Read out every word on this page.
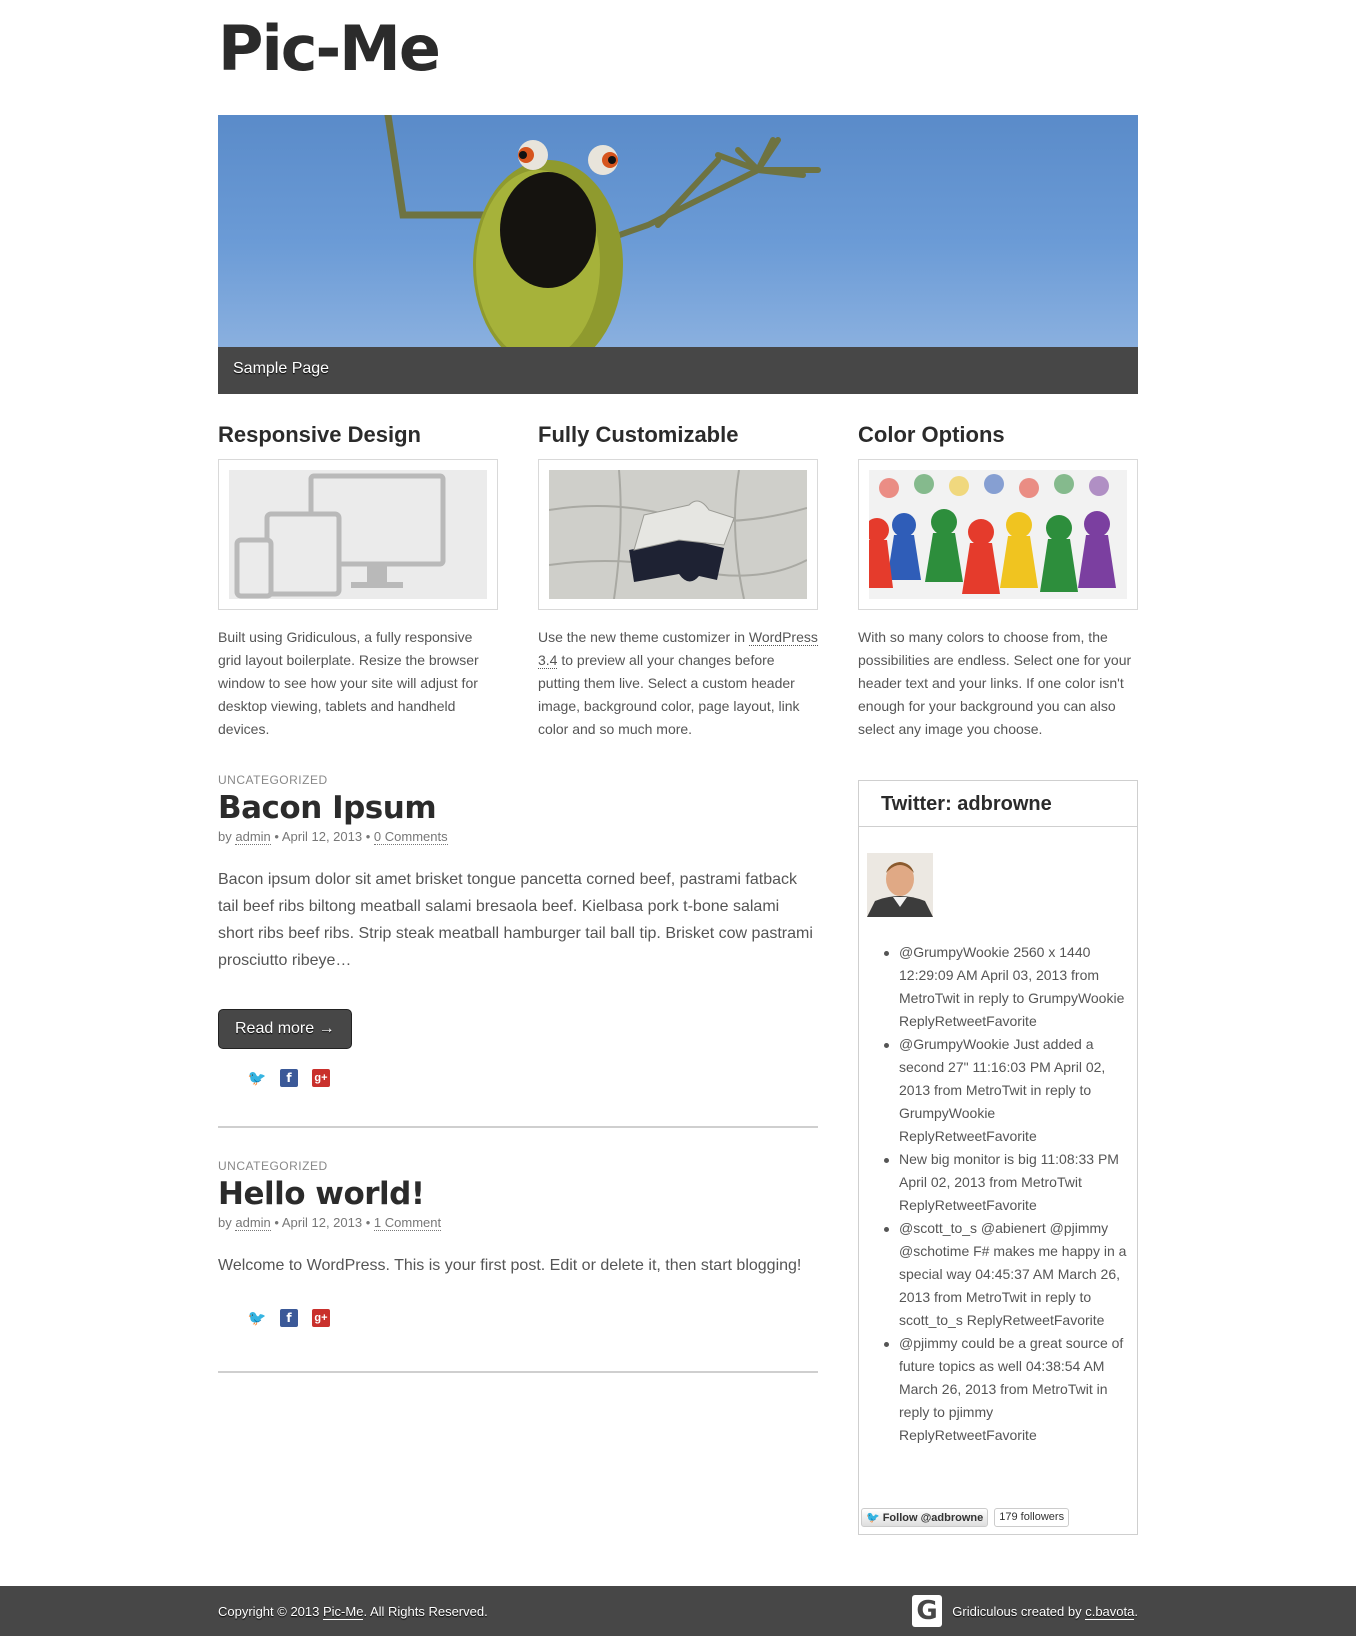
Pic-Me
Sample Page
Responsive Design

Built using Gridiculous, a fully responsive grid layout boilerplate. Resize the browser window to see how your site will adjust for desktop viewing, tablets and handheld devices.

Fully Customizable

Use the new theme customizer in WordPress 3.4 to preview all your changes before putting them live. Select a custom header image, background color, page layout, link color and so much more.

Color Options

With so many colors to choose from, the possibilities are endless. Select one for your header text and your links. If one color isn't enough for your background you can also select any image you choose.

UNCATEGORIZED
Bacon Ipsum
by admin • April 12, 2013 • 0 Comments
Bacon ipsum dolor sit amet brisket tongue pancetta corned beef, pastrami fatback tail beef ribs biltong meatball salami bresaola beef. Kielbasa pork t-bone salami short ribs beef ribs. Strip steak meatball hamburger tail ball tip. Brisket cow pastrami prosciutto ribeye…
Read more →
🐦	f	g+
UNCATEGORIZED
Hello world!
by admin • April 12, 2013 • 1 Comment
Welcome to WordPress. This is your first post. Edit or delete it, then start blogging!
🐦	f	g+
Twitter: adbrowne
@GrumpyWookie 2560 x 1440 12:29:09 AM April 03, 2013 from MetroTwit in reply to GrumpyWookie ReplyRetweetFavorite
@GrumpyWookie Just added a second 27" 11:16:03 PM April 02, 2013 from MetroTwit in reply to GrumpyWookie ReplyRetweetFavorite
New big monitor is big 11:08:33 PM April 02, 2013 from MetroTwit ReplyRetweetFavorite
@scott_to_s @abienert @pjimmy @schotime F# makes me happy in a special way 04:45:37 AM March 26, 2013 from MetroTwit in reply to scott_to_s ReplyRetweetFavorite
@pjimmy could be a great source of future topics as well 04:38:54 AM March 26, 2013 from MetroTwit in reply to pjimmy ReplyRetweetFavorite
🐦 Follow @adbrowne	179 followers
Copyright © 2013 Pic-Me. All Rights Reserved.	G	Gridiculous created by c.bavota.
